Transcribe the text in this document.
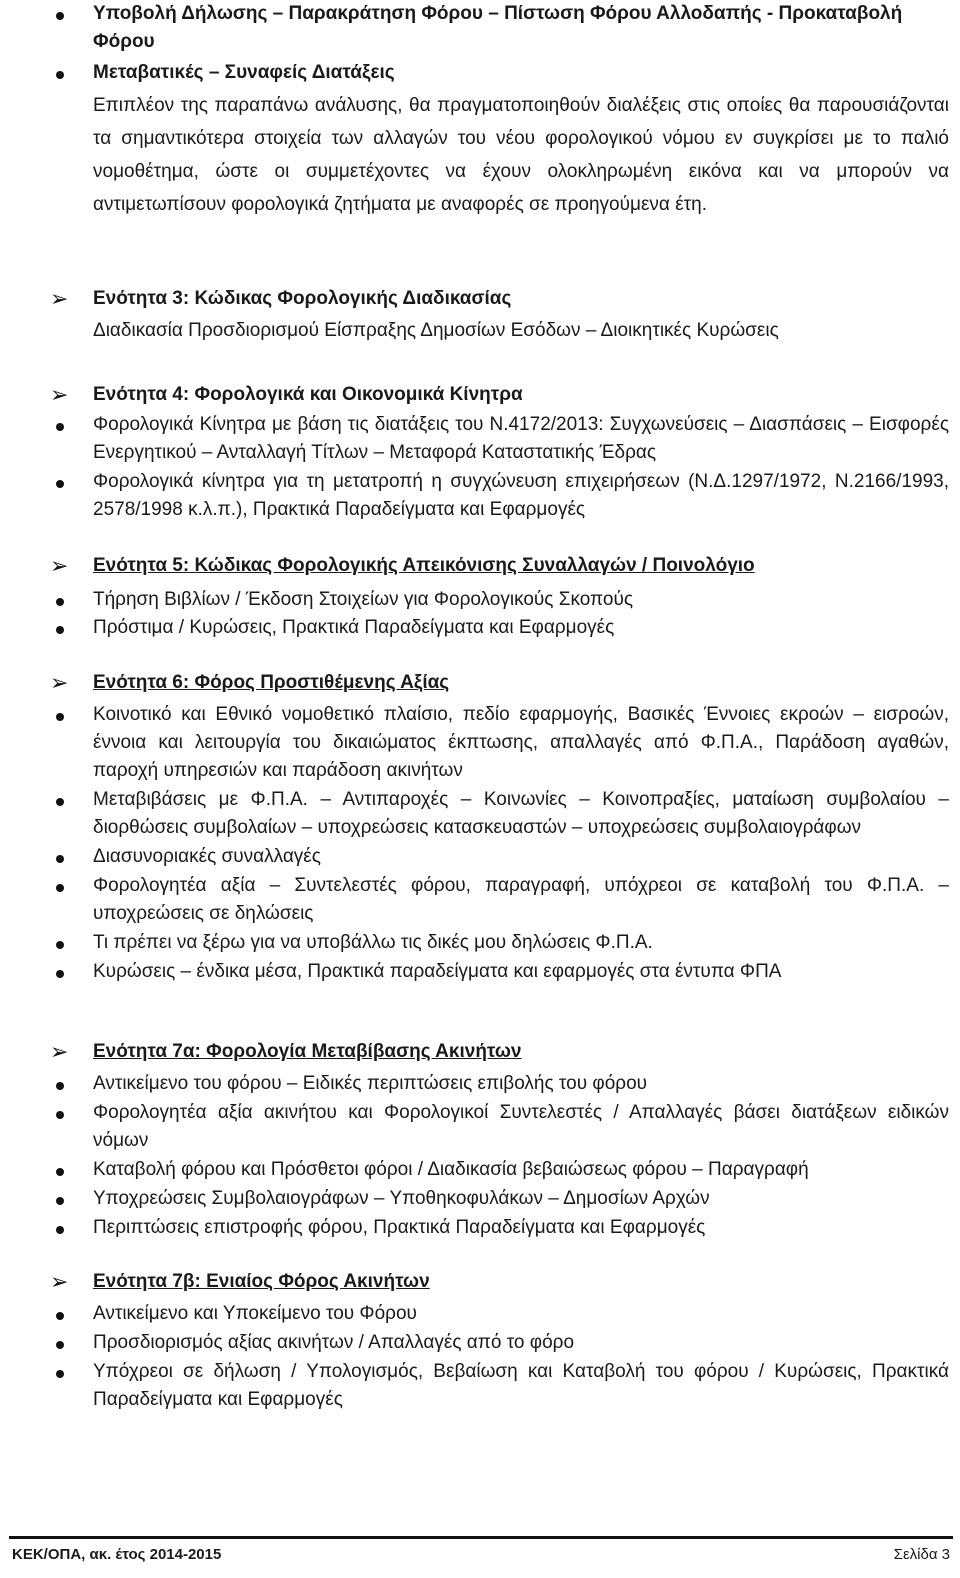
Υποβολή Δήλωσης – Παρακράτηση Φόρου – Πίστωση Φόρου Αλλοδαπής - Προκαταβολή Φόρου
Μεταβατικές – Συναφείς Διατάξεις
Επιπλέον της παραπάνω ανάλυσης, θα πραγματοποιηθούν διαλέξεις στις οποίες θα παρουσιάζονται τα σημαντικότερα στοιχεία των αλλαγών του νέου φορολογικού νόμου εν συγκρίσει με το παλιό νομοθέτημα, ώστε οι συμμετέχοντες να έχουν ολοκληρωμένη εικόνα και να μπορούν να αντιμετωπίσουν φορολογικά ζητήματα με αναφορές σε προηγούμενα έτη.
➢ Ενότητα 3: Κώδικας Φορολογικής Διαδικασίας
Διαδικασία Προσδιορισμού Είσπραξης Δημοσίων Εσόδων – Διοικητικές Κυρώσεις
➢ Ενότητα 4: Φορολογικά και Οικονομικά Κίνητρα
Φορολογικά Κίνητρα με βάση τις διατάξεις του Ν.4172/2013: Συγχωνεύσεις – Διασπάσεις – Εισφορές Ενεργητικού – Ανταλλαγή Τίτλων – Μεταφορά Καταστατικής Έδρας
Φορολογικά κίνητρα για τη μετατροπή η συγχώνευση επιχειρήσεων (Ν.Δ.1297/1972, Ν.2166/1993, 2578/1998 κ.λ.π.), Πρακτικά Παραδείγματα και Εφαρμογές
➢ Ενότητα 5: Κώδικας Φορολογικής Απεικόνισης Συναλλαγών / Ποινολόγιο
Τήρηση Βιβλίων / Έκδοση Στοιχείων για Φορολογικούς Σκοπούς
Πρόστιμα / Κυρώσεις, Πρακτικά Παραδείγματα και Εφαρμογές
➢ Ενότητα 6: Φόρος Προστιθέμενης Αξίας
Κοινοτικό και Εθνικό νομοθετικό πλαίσιο, πεδίο εφαρμογής, Βασικές Έννοιες εκροών – εισροών, έννοια και λειτουργία του δικαιώματος έκπτωσης, απαλλαγές από Φ.Π.Α., Παράδοση αγαθών, παροχή υπηρεσιών και παράδοση ακινήτων
Μεταβιβάσεις με Φ.Π.Α. – Αντιπαροχές – Κοινωνίες – Κοινοπραξίες, ματαίωση συμβολαίου – διορθώσεις συμβολαίων – υποχρεώσεις κατασκευαστών – υποχρεώσεις συμβολαιογράφων
Διασυνοριακές συναλλαγές
Φορολογητέα αξία – Συντελεστές φόρου, παραγραφή, υπόχρεοι σε καταβολή του Φ.Π.Α. – υποχρεώσεις σε δηλώσεις
Τι πρέπει να ξέρω για να υποβάλλω τις δικές μου δηλώσεις Φ.Π.Α.
Κυρώσεις – ένδικα μέσα, Πρακτικά παραδείγματα και εφαρμογές στα έντυπα ΦΠΑ
➢ Ενότητα 7α: Φορολογία Μεταβίβασης Ακινήτων
Αντικείμενο του φόρου – Ειδικές περιπτώσεις επιβολής του φόρου
Φορολογητέα αξία ακινήτου και Φορολογικοί Συντελεστές / Απαλλαγές βάσει διατάξεων ειδικών νόμων
Καταβολή φόρου και Πρόσθετοι φόροι / Διαδικασία βεβαιώσεως φόρου – Παραγραφή
Υποχρεώσεις Συμβολαιογράφων – Υποθηκοφυλάκων – Δημοσίων Αρχών
Περιπτώσεις επιστροφής φόρου, Πρακτικά Παραδείγματα και Εφαρμογές
➢ Ενότητα 7β: Ενιαίος Φόρος Ακινήτων
Αντικείμενο και Υποκείμενο του Φόρου
Προσδιορισμός αξίας ακινήτων / Απαλλαγές από το φόρο
Υπόχρεοι σε δήλωση / Υπολογισμός, Βεβαίωση και Καταβολή του φόρου / Κυρώσεις, Πρακτικά Παραδείγματα και Εφαρμογές
ΚΕΚ/ΟΠΑ, ακ. έτος 2014-2015	Σελίδα 3
